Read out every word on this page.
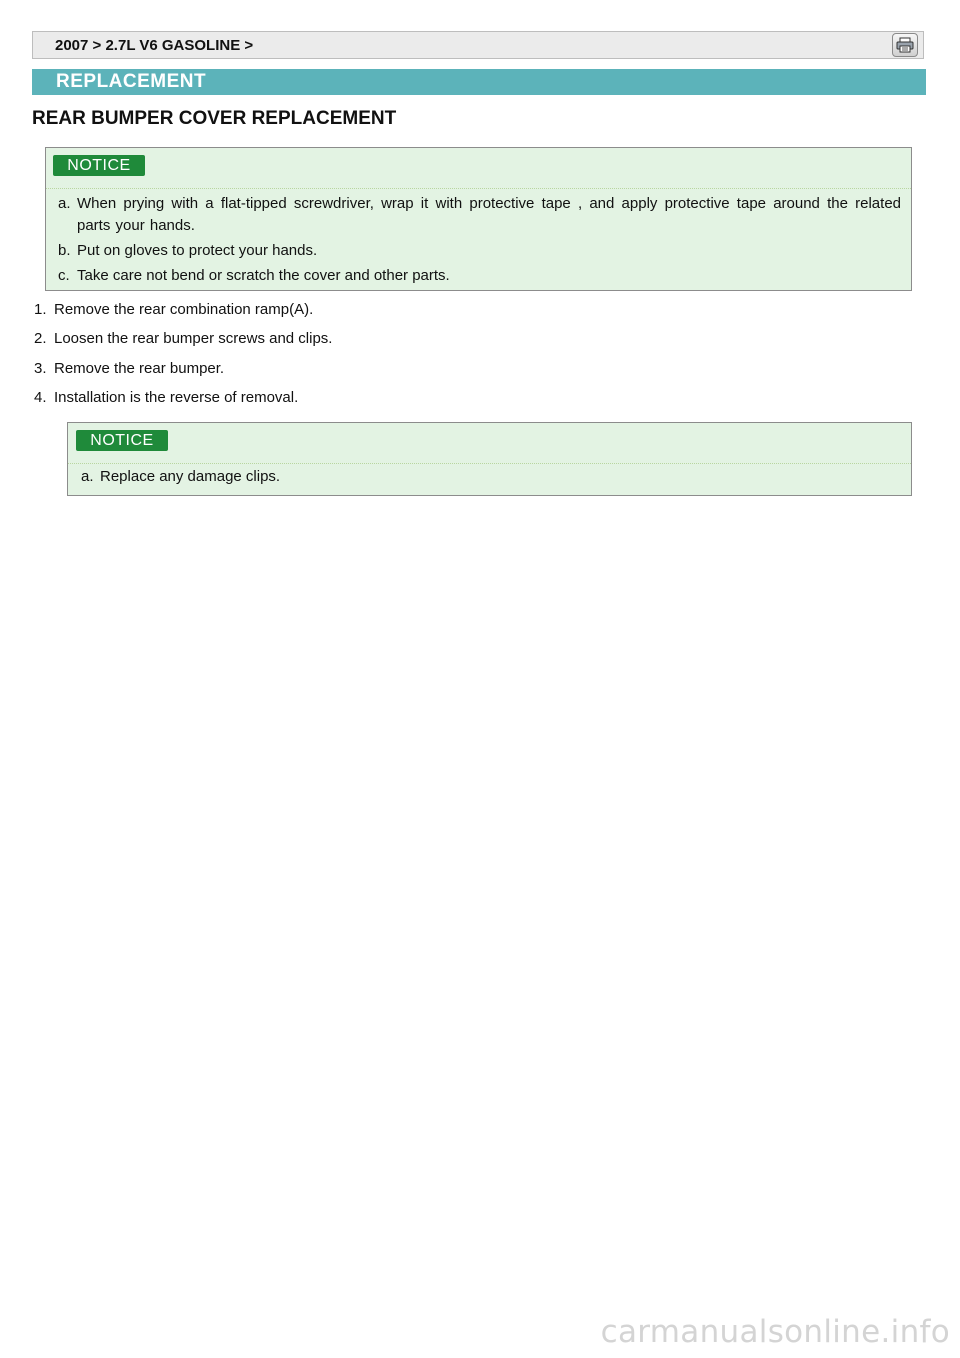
2007 > 2.7L V6 GASOLINE >
REPLACEMENT
REAR BUMPER COVER REPLACEMENT
NOTICE
a. When prying with a flat-tipped screwdriver, wrap it with protective tape , and apply protective tape around the related parts your hands.
b. Put on gloves to protect your hands.
c. Take care not bend or scratch the cover and other parts.
1. Remove the rear combination ramp(A).
2. Loosen the rear bumper screws and clips.
3. Remove the rear bumper.
4. Installation is the reverse of removal.
NOTICE
a. Replace any damage clips.
carmanualsonline.info
